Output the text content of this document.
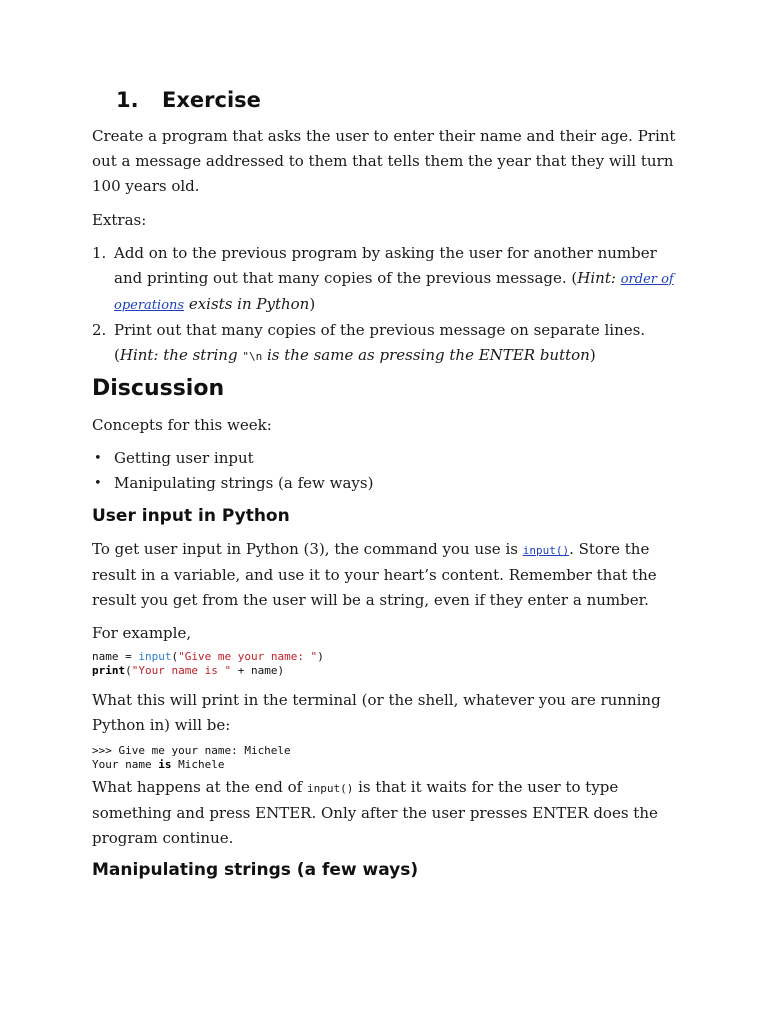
1. Exercise

Create a program that asks the user to enter their name and their age. Print

out a message addressed to them that tells them the year that they will turn

100 years old.

Extras:
1. Add on to the previous program by asking the user for another number

and printing out that many copies of the previous message. (Hint: order of

operations exists in Python)

2. Print out that many copies of the previous message on separate lines.

(Hint: the string "\n is the same as pressing the ENTER button)

Discussion
Concepts for this week:
• Getting user input
• Manipulating strings (a few ways)
User input in Python

To get user input in Python (3), the command you use is input(). Store the

result in a variable, and use it to your heart’s content. Remember that the

result you get from the user will be a string, even if they enter a number.

For example,
name = input("Give me your name: ")
print("Your name is " + name)

What this will print in the terminal (or the shell, whatever you are running

Python in) will be:

>>> Give me your name: Michele
Your name is Michele

What happens at the end of input() is that it waits for the user to type

something and press ENTER. Only after the user presses ENTER does the

program continue.

Manipulating strings (a few ways)
